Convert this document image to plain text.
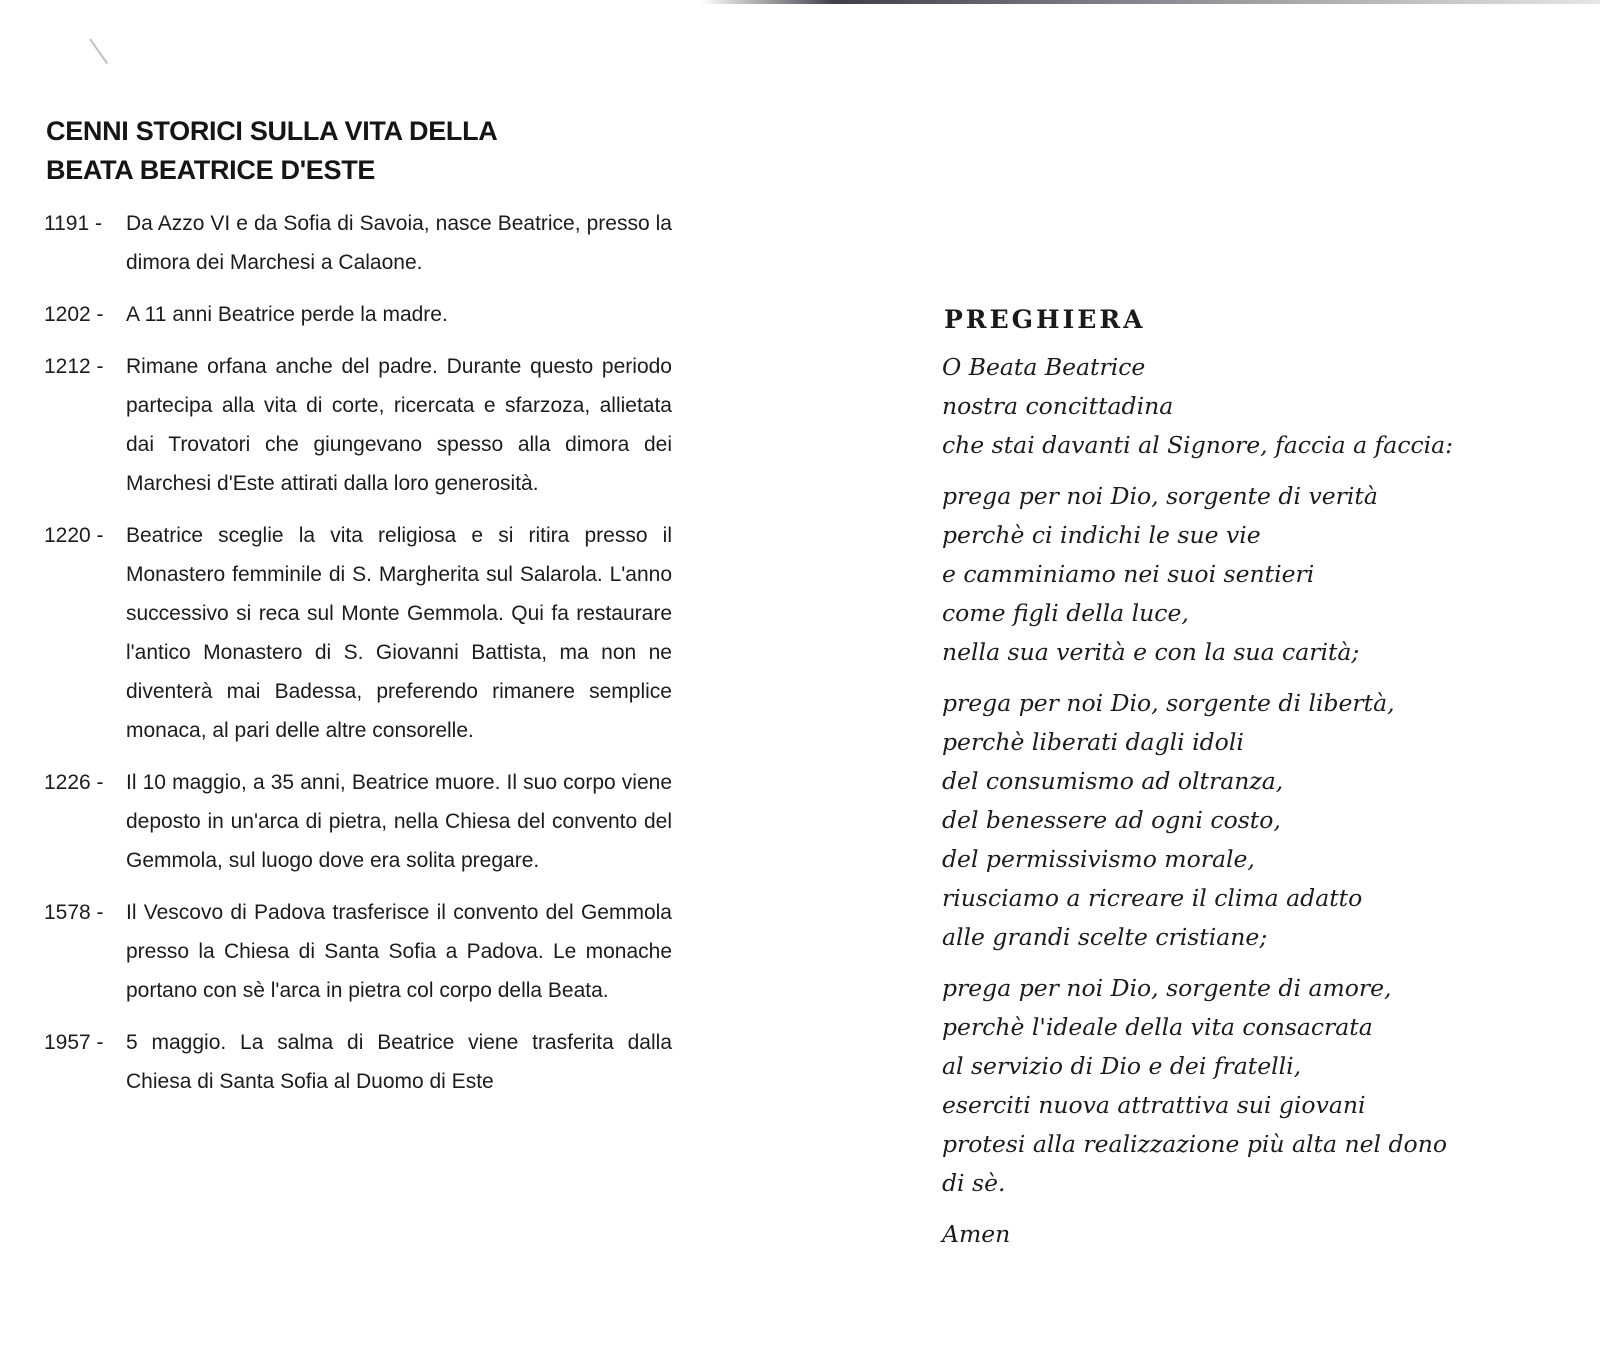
CENNI STORICI SULLA VITA DELLA
BEATA BEATRICE D'ESTE
1191 -	Da Azzo VI e da Sofia di Savoia, nasce Beatrice, presso la dimora dei Marchesi a Calaone.
1202 -	A 11 anni Beatrice perde la madre.
1212 -	Rimane orfana anche del padre. Durante questo periodo partecipa alla vita di corte, ricercata e sfarzoza, allietata dai Trovatori che giungevano spesso alla dimora dei Marchesi d'Este attirati dalla loro generosità.
1220 -	Beatrice sceglie la vita religiosa e si ritira presso il Monastero femminile di S. Margherita sul Salarola. L'anno successivo si reca sul Monte Gemmola. Qui fa restaurare l'antico Monastero di S. Giovanni Battista, ma non ne diventerà mai Badessa, preferendo rimanere semplice monaca, al pari delle altre consorelle.
1226 -	Il 10 maggio, a 35 anni, Beatrice muore. Il suo corpo viene deposto in un'arca di pietra, nella Chiesa del convento del Gemmola, sul luogo dove era solita pregare.
1578 -	Il Vescovo di Padova trasferisce il convento del Gemmola presso la Chiesa di Santa Sofia a Padova. Le monache portano con sè l'arca in pietra col corpo della Beata.
1957 -	5 maggio. La salma di Beatrice viene trasferita dalla Chiesa di Santa Sofia al Duomo di Este
PREGHIERA
O Beata Beatrice
nostra concittadina
che stai davanti al Signore, faccia a faccia:
prega per noi Dio, sorgente di verità
perchè ci indichi le sue vie
e camminiamo nei suoi sentieri
come figli della luce,
nella sua verità e con la sua carità;
prega per noi Dio, sorgente di libertà,
perchè liberati dagli idoli
del consumismo ad oltranza,
del benessere ad ogni costo,
del permissivismo morale,
riusciamo a ricreare il clima adatto
alle grandi scelte cristiane;
prega per noi Dio, sorgente di amore,
perchè l'ideale della vita consacrata
al servizio di Dio e dei fratelli,
eserciti nuova attrattiva sui giovani
protesi alla realizzazione più alta nel dono
di sè.
Amen
